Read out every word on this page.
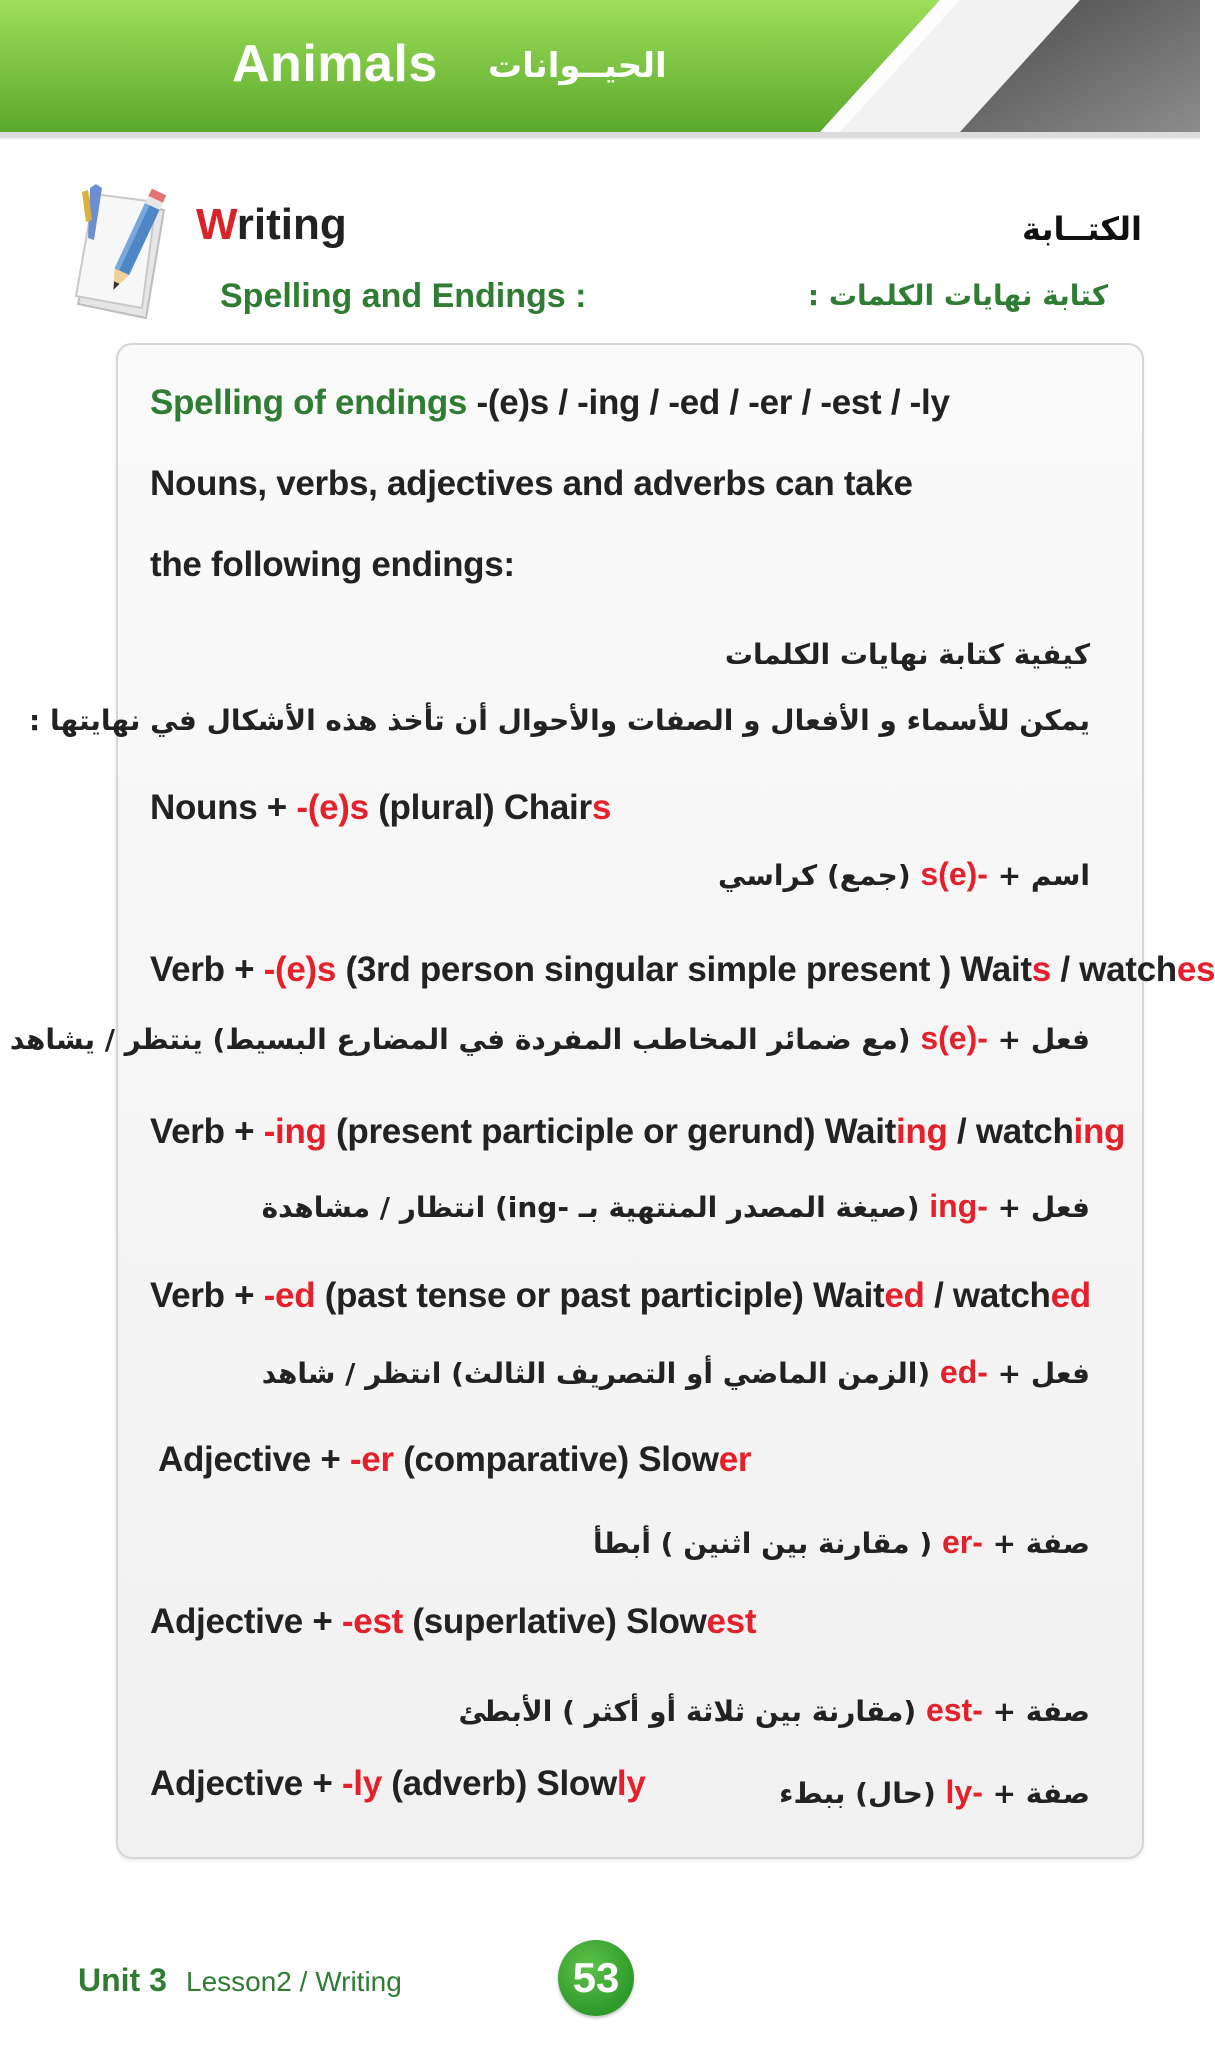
Animals الحيــوانات
Writing	الكتــابة
Spelling and Endings :	كتابة نهايات الكلمات :
Spelling of endings -(e)s / -ing / -ed / -er / -est / -ly
Nouns, verbs, adjectives and adverbs can take
the following endings:
كيفية كتابة نهايات الكلمات
يمكن للأسماء و الأفعال و الصفات والأحوال أن تأخذ هذه الأشكال في نهايتها :
Nouns + -(e)s (plural) Chairs
اسم + -(e)s (جمع) كراسي
Verb + -(e)s (3rd person singular simple present ) Waits / watches
فعل + -(e)s (مع ضمائر المخاطب المفردة في المضارع البسيط) ينتظر / يشاهد
Verb + -ing (present participle or gerund) Waiting / watching
فعل + -ing (صيغة المصدر المنتهية بـ -ing) انتظار / مشاهدة
Verb + -ed (past tense or past participle) Waited / watched
فعل + -ed (الزمن الماضي أو التصريف الثالث) انتظر / شاهد
Adjective + -er (comparative) Slower
صفة + -er ( مقارنة بين اثنين ) أبطأ
Adjective + -est (superlative) Slowest
صفة + -est (مقارنة بين ثلاثة أو أكثر ) الأبطئ
Adjective + -ly (adverb) Slowly	صفة + -ly (حال) ببطء
Unit 3 Lesson2 / Writing	53
